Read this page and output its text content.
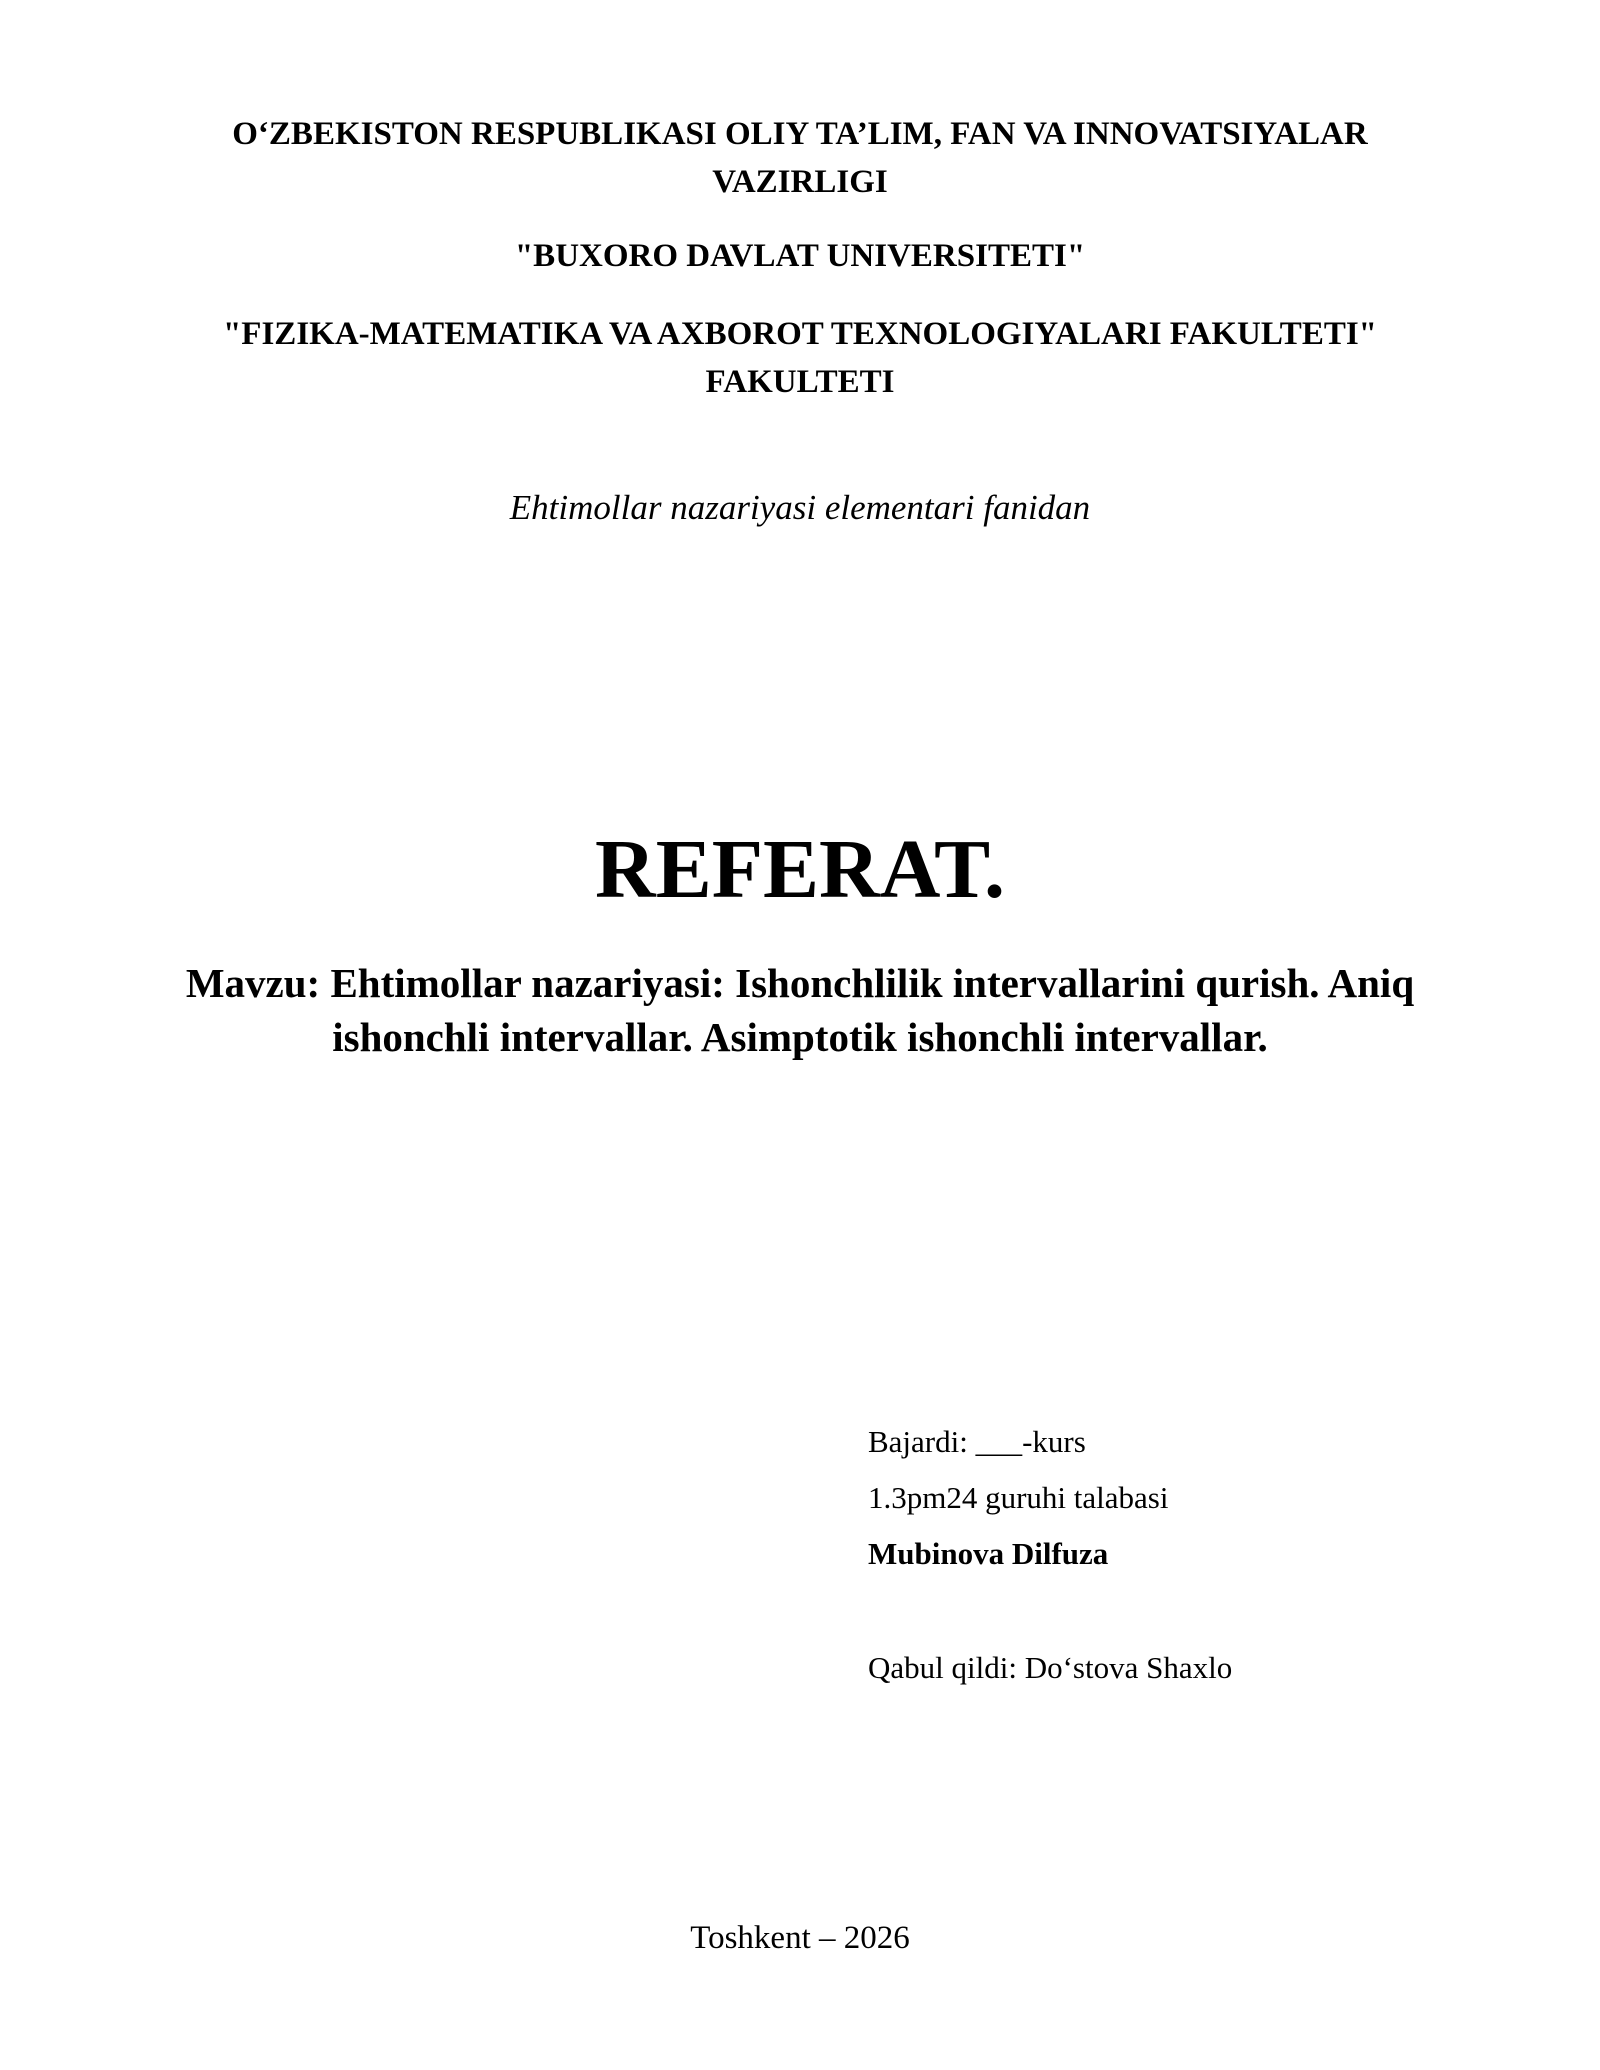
O‘ZBEKISTON RESPUBLIKASI OLIY TA’LIM, FAN VA INNOVATSIYALAR
VAZIRLIGI
"BUXORO DAVLAT UNIVERSITETI"
"FIZIKA-MATEMATIKA VA AXBOROT TEXNOLOGIYALARI FAKULTETI"
FAKULTETI
Ehtimollar nazariyasi elementari fanidan
REFERAT.
Mavzu: Ehtimollar nazariyasi: Ishonchlilik intervallarini qurish. Aniq
ishonchli intervallar. Asimptotik ishonchli intervallar.
Bajardi: ___-kurs
1.3pm24 guruhi talabasi
Mubinova Dilfuza
Qabul qildi: Do‘stova Shaxlo
Toshkent – 2026
